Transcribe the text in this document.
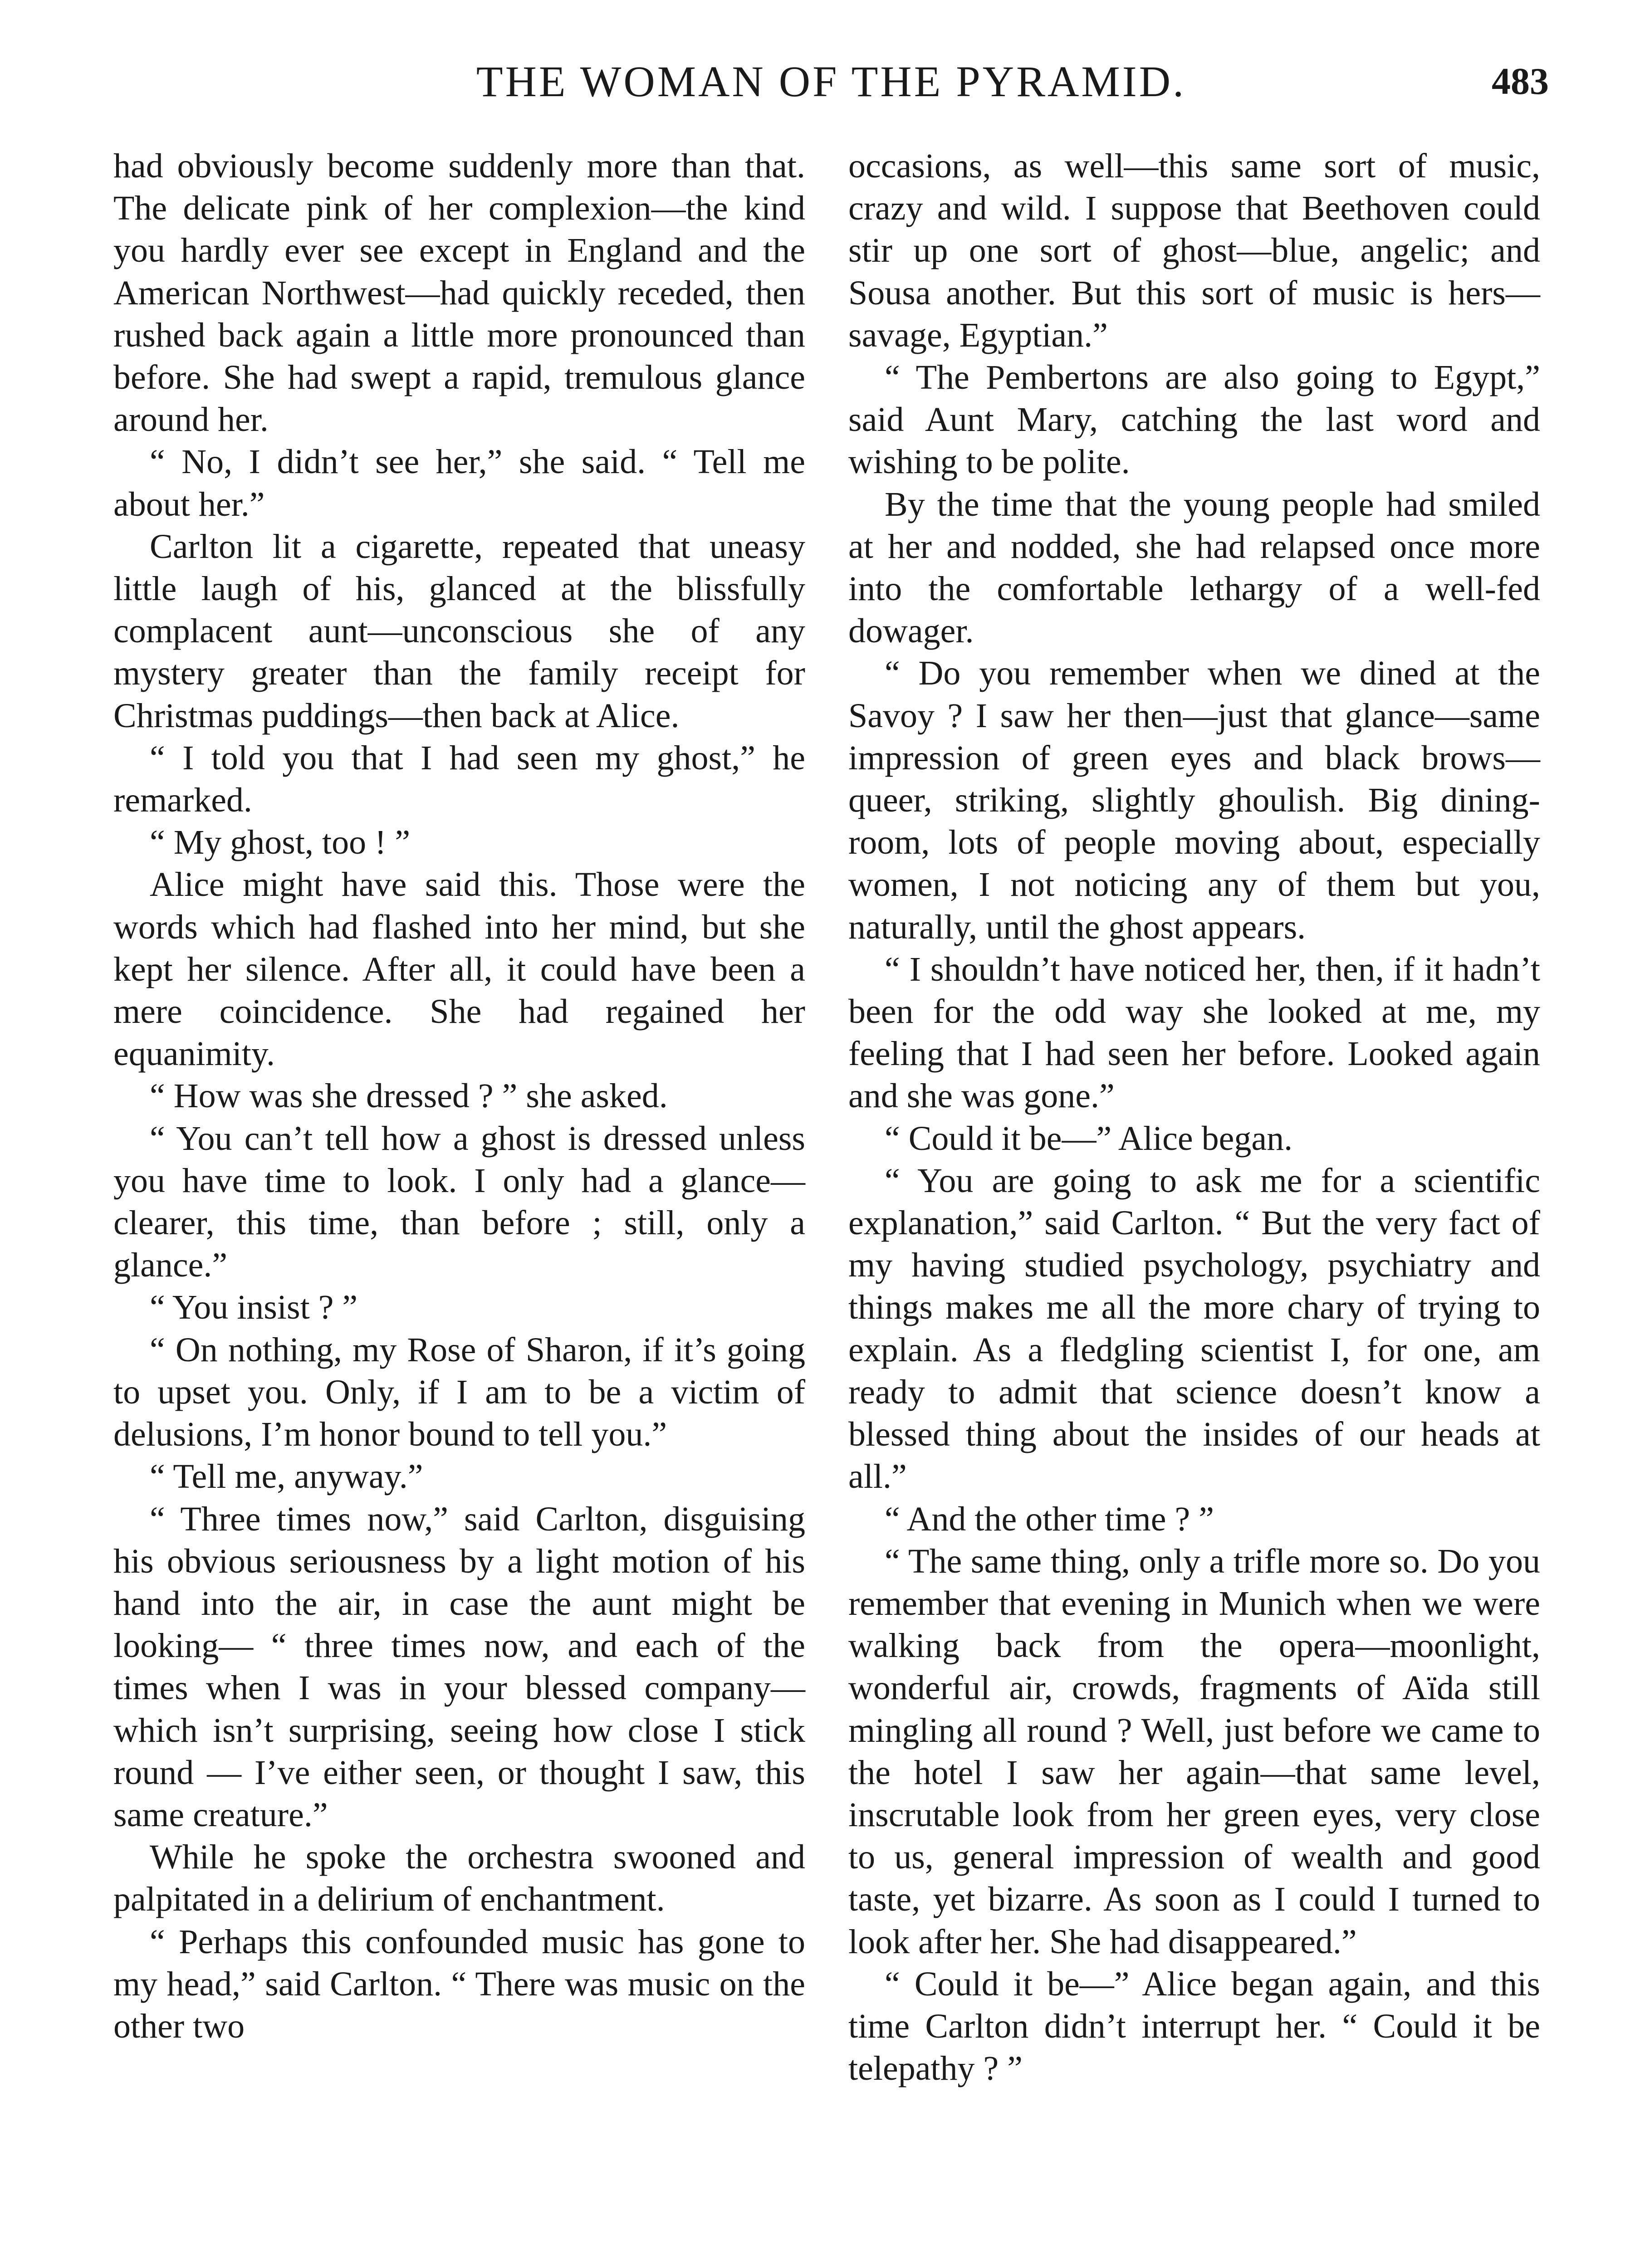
THE WOMAN OF THE PYRAMID.	483

had obviously become suddenly more than that. The delicate pink of her complexion—the kind you hardly ever see except in England and the American Northwest—had quickly receded, then rushed back again a little more pronounced than before. She had swept a rapid, tremulous glance around her.

“ No, I didn’t see her,” she said. “ Tell me about her.”

Carlton lit a cigarette, repeated that uneasy little laugh of his, glanced at the blissfully complacent aunt—unconscious she of any mystery greater than the family receipt for Christmas puddings—then back at Alice.

“ I told you that I had seen my ghost,” he remarked.

“ My ghost, too ! ”

Alice might have said this. Those were the words which had flashed into her mind, but she kept her silence. After all, it could have been a mere coincidence. She had regained her equanimity.

“ How was she dressed ? ” she asked.

“ You can’t tell how a ghost is dressed unless you have time to look. I only had a glance—clearer, this time, than before ; still, only a glance.”

“ You insist ? ”

“ On nothing, my Rose of Sharon, if it’s going to upset you. Only, if I am to be a victim of delusions, I’m honor bound to tell you.”

“ Tell me, anyway.”

“ Three times now,” said Carlton, disguising his obvious seriousness by a light motion of his hand into the air, in case the aunt might be looking— “ three times now, and each of the times when I was in your blessed company—which isn’t surprising, seeing how close I stick round — I’ve either seen, or thought I saw, this same creature.”

While he spoke the orchestra swooned and palpitated in a delirium of enchantment.

“ Perhaps this confounded music has gone to my head,” said Carlton. “ There was music on the other two

occasions, as well—this same sort of music, crazy and wild. I suppose that Beethoven could stir up one sort of ghost—blue, angelic; and Sousa another. But this sort of music is hers—savage, Egyptian.”

“ The Pembertons are also going to Egypt,” said Aunt Mary, catching the last word and wishing to be polite.

By the time that the young people had smiled at her and nodded, she had relapsed once more into the comfortable lethargy of a well-fed dowager.

“ Do you remember when we dined at the Savoy ? I saw her then—just that glance—same impression of green eyes and black brows—queer, striking, slightly ghoulish. Big dining-room, lots of people moving about, especially women, I not noticing any of them but you, naturally, until the ghost appears.

“ I shouldn’t have noticed her, then, if it hadn’t been for the odd way she looked at me, my feeling that I had seen her before. Looked again and she was gone.”

“ Could it be—” Alice began.

“ You are going to ask me for a scientific explanation,” said Carlton. “ But the very fact of my having studied psychology, psychiatry and things makes me all the more chary of trying to explain. As a fledgling scientist I, for one, am ready to admit that science doesn’t know a blessed thing about the insides of our heads at all.”

“ And the other time ? ”

“ The same thing, only a trifle more so. Do you remember that evening in Munich when we were walking back from the opera—moonlight, wonderful air, crowds, fragments of Aïda still mingling all round ? Well, just before we came to the hotel I saw her again—that same level, inscrutable look from her green eyes, very close to us, general impression of wealth and good taste, yet bizarre. As soon as I could I turned to look after her. She had disappeared.”

“ Could it be—” Alice began again, and this time Carlton didn’t interrupt her. “ Could it be telepathy ? ”
